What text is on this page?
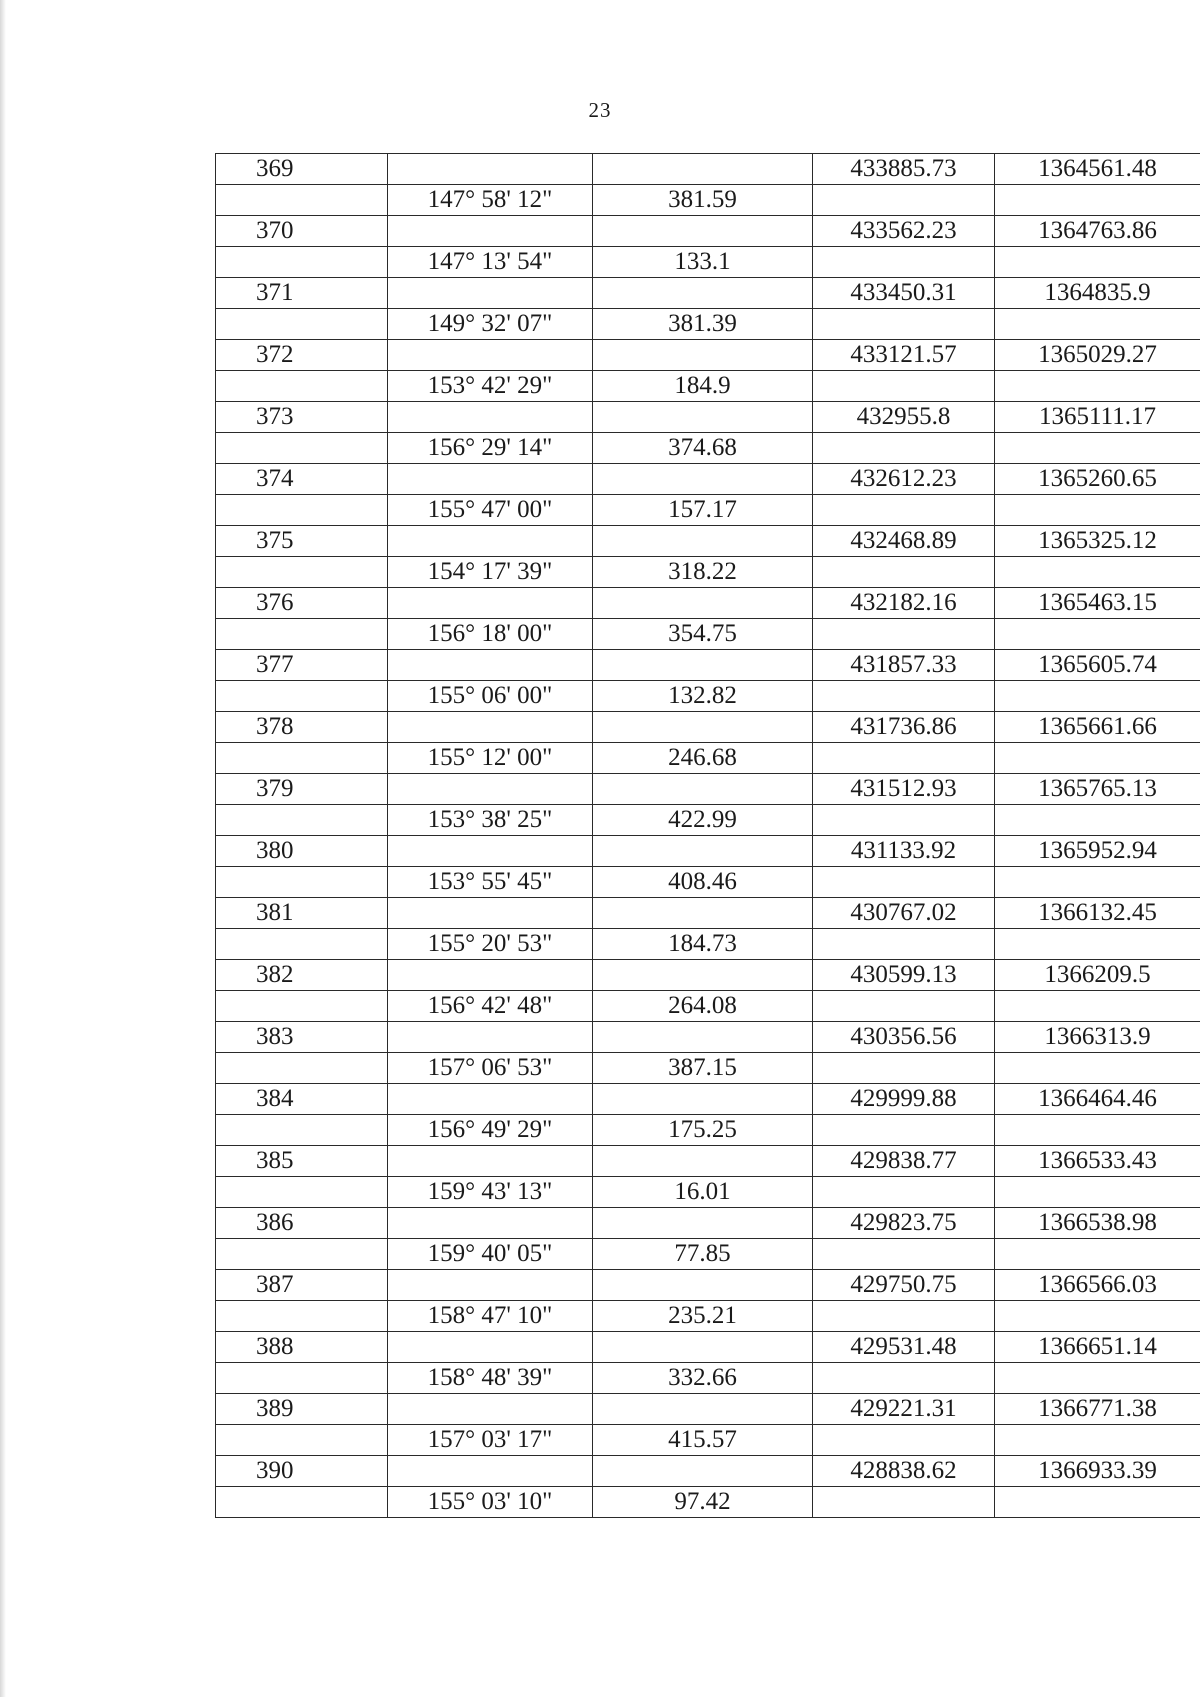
23
369			433885.73	1364561.48
	147° 58' 12"	381.59		
370			433562.23	1364763.86
	147° 13' 54"	133.1		
371			433450.31	1364835.9
	149° 32' 07"	381.39		
372			433121.57	1365029.27
	153° 42' 29"	184.9		
373			432955.8	1365111.17
	156° 29' 14"	374.68		
374			432612.23	1365260.65
	155° 47' 00"	157.17		
375			432468.89	1365325.12
	154° 17' 39"	318.22		
376			432182.16	1365463.15
	156° 18' 00"	354.75		
377			431857.33	1365605.74
	155° 06' 00"	132.82		
378			431736.86	1365661.66
	155° 12' 00"	246.68		
379			431512.93	1365765.13
	153° 38' 25"	422.99		
380			431133.92	1365952.94
	153° 55' 45"	408.46		
381			430767.02	1366132.45
	155° 20' 53"	184.73		
382			430599.13	1366209.5
	156° 42' 48"	264.08		
383			430356.56	1366313.9
	157° 06' 53"	387.15		
384			429999.88	1366464.46
	156° 49' 29"	175.25		
385			429838.77	1366533.43
	159° 43' 13"	16.01		
386			429823.75	1366538.98
	159° 40' 05"	77.85		
387			429750.75	1366566.03
	158° 47' 10"	235.21		
388			429531.48	1366651.14
	158° 48' 39"	332.66		
389			429221.31	1366771.38
	157° 03' 17"	415.57		
390			428838.62	1366933.39
	155° 03' 10"	97.42		
